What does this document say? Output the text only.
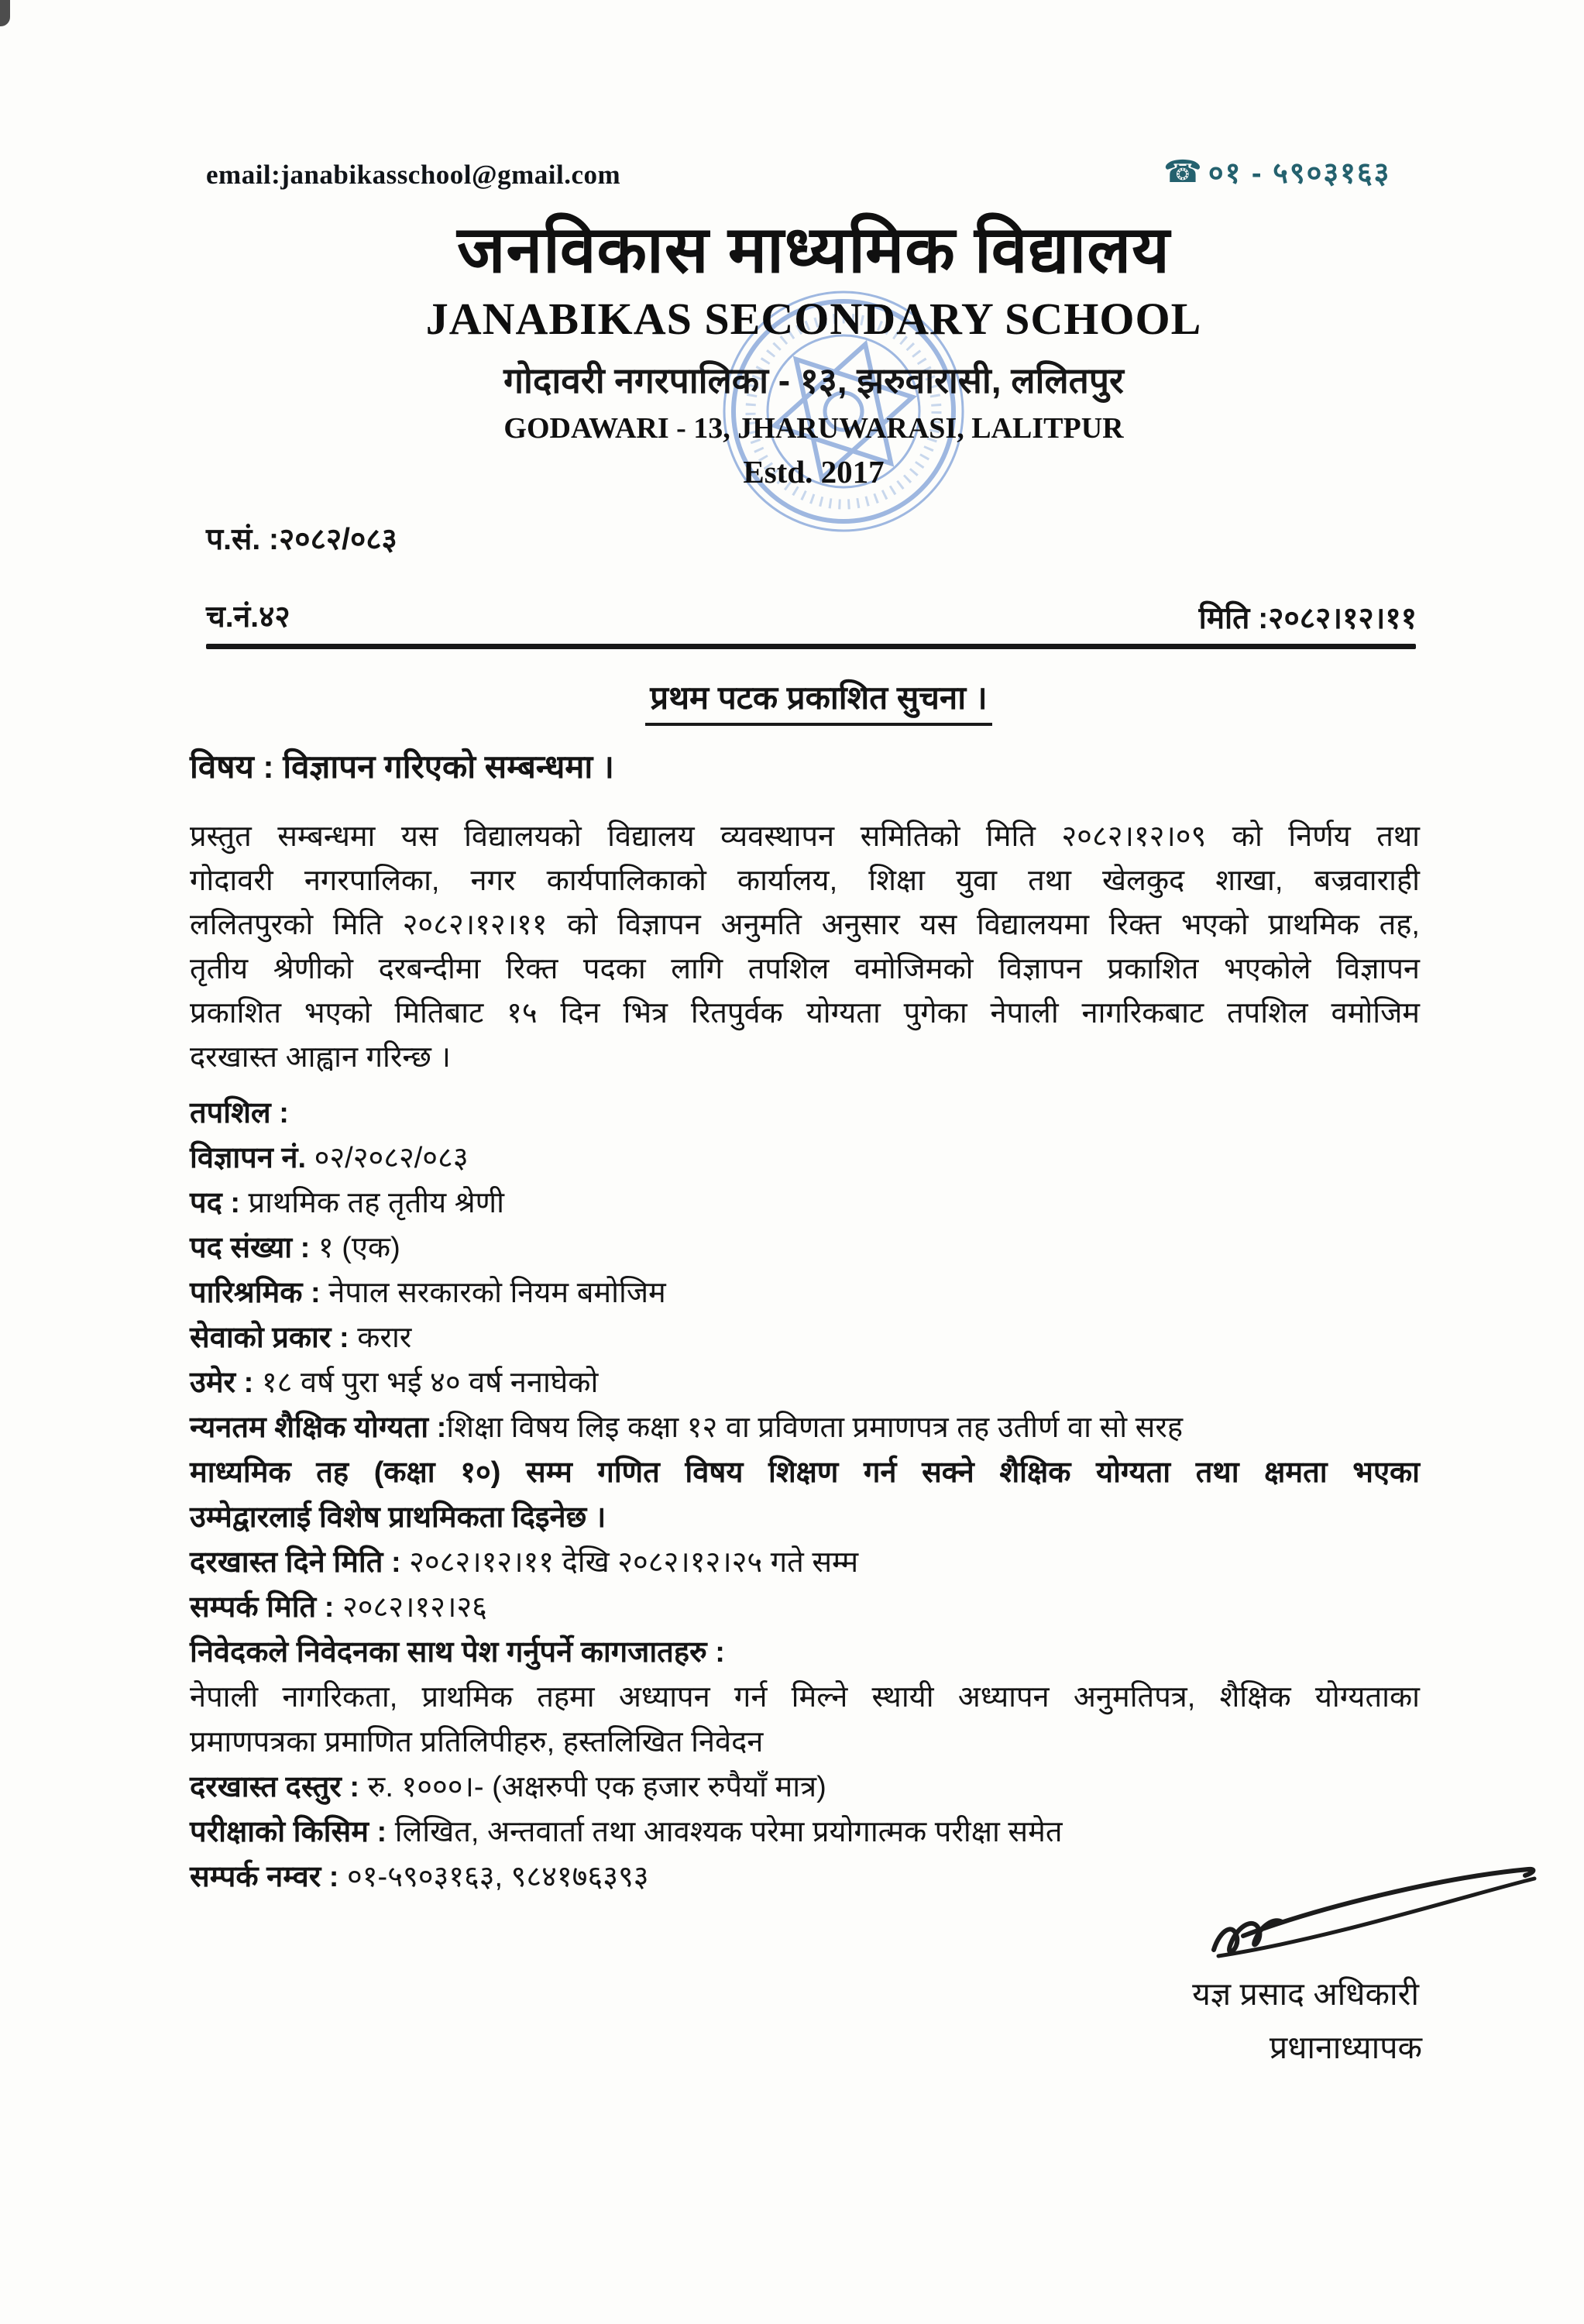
email:janabikasschool@gmail.com	☎ ०१ - ५९०३१६३
जनविकास माध्यमिक विद्यालय
JANABIKAS SECONDARY SCHOOL
गोदावरी नगरपालिका - १३, झरुवारासी, ललितपुर
GODAWARI - 13, JHARUWARASI, LALITPUR
Estd. 2017
प.सं. :२०८२/०८३
च.नं.४२	मिति :२०८२।१२।११
प्रथम पटक प्रकाशित सुचना ।
विषय : विज्ञापन गरिएको सम्बन्धमा ।
प्रस्तुत सम्बन्धमा यस विद्यालयको विद्यालय व्यवस्थापन समितिको मिति २०८२।१२।०९ को निर्णय तथा
गोदावरी नगरपालिका, नगर कार्यपालिकाको कार्यालय, शिक्षा युवा तथा खेलकुद शाखा, बज्रवाराही
ललितपुरको मिति २०८२।१२।११ को विज्ञापन अनुमति अनुसार यस विद्यालयमा रिक्त भएको प्राथमिक तह,
तृतीय श्रेणीको दरबन्दीमा रिक्त पदका लागि तपशिल वमोजिमको विज्ञापन प्रकाशित भएकोले विज्ञापन
प्रकाशित भएको मितिबाट १५ दिन भित्र रितपुर्वक योग्यता पुगेका नेपाली नागरिकबाट तपशिल वमोजिम
दरखास्त आह्वान गरिन्छ ।
तपशिल :
विज्ञापन नं. ०२/२०८२/०८३
पद : प्राथमिक तह तृतीय श्रेणी
पद संख्या : १ (एक)
पारिश्रमिक : नेपाल सरकारको नियम बमोजिम
सेवाको प्रकार : करार
उमेर : १८ वर्ष पुरा भई ४० वर्ष ननाघेको
न्यनतम शैक्षिक योग्यता :शिक्षा विषय लिइ कक्षा १२ वा प्रविणता प्रमाणपत्र तह उतीर्ण वा सो सरह
माध्यमिक तह (कक्षा १०) सम्म गणित विषय शिक्षण गर्न सक्ने शैक्षिक योग्यता तथा क्षमता भएका
उम्मेद्वारलाई विशेष प्राथमिकता दिइनेछ ।
दरखास्त दिने मिति : २०८२।१२।११ देखि २०८२।१२।२५ गते सम्म
सम्पर्क मिति : २०८२।१२।२६
निवेदकले निवेदनका साथ पेश गर्नुपर्ने कागजातहरु :
नेपाली नागरिकता, प्राथमिक तहमा अध्यापन गर्न मिल्ने स्थायी अध्यापन अनुमतिपत्र, शैक्षिक योग्यताका
प्रमाणपत्रका प्रमाणित प्रतिलिपीहरु, हस्तलिखित निवेदन
दरखास्त दस्तुर : रु. १०००।- (अक्षरुपी एक हजार रुपैयाँ मात्र)
परीक्षाको किसिम : लिखित, अन्तवार्ता तथा आवश्यक परेमा प्रयोगात्मक परीक्षा समेत
सम्पर्क नम्वर : ०१-५९०३१६३, ९८४१७६३९३
यज्ञ प्रसाद अधिकारी
प्रधानाध्यापक
